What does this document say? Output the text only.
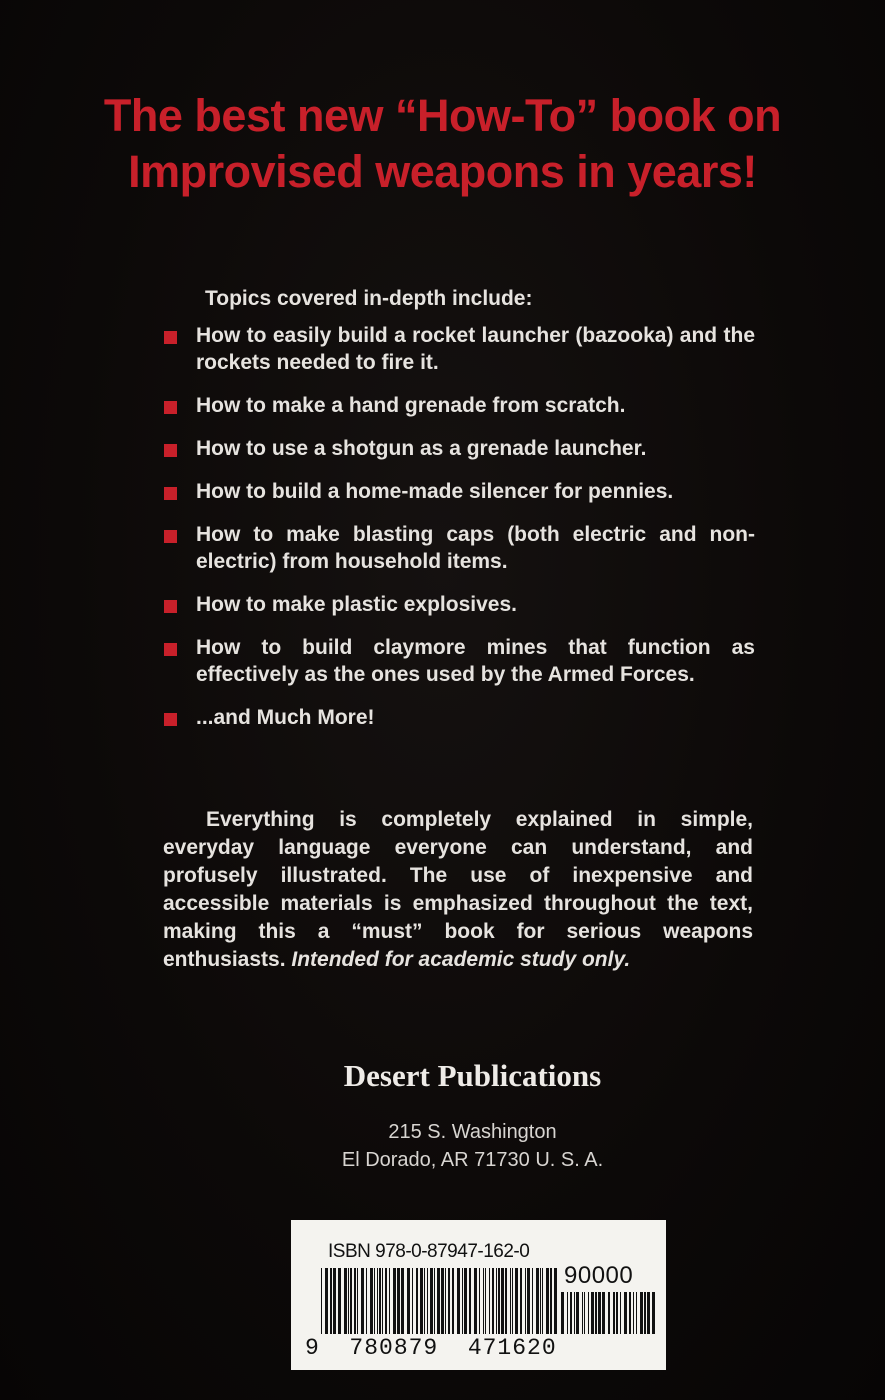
The best new “How-To” book on
Improvised weapons in years!

Topics covered in-depth include:

How to easily build a rocket launcher (bazooka) and the rockets needed to fire it.
How to make a hand grenade from scratch.
How to use a shotgun as a grenade launcher.
How to build a home-made silencer for pennies.
How to make blasting caps (both electric and non-electric) from household items.
How to make plastic explosives.
How to build claymore mines that function as effectively as the ones used by the Armed Forces.
...and Much More!

Everything is completely explained in simple, everyday language everyone can understand, and profusely illustrated. The use of inexpensive and accessible materials is emphasized throughout the text, making this a “must” book for serious weapons enthusiasts. Intended for academic study only.

Desert Publications
215 S. Washington
El Dorado, AR 71730 U. S. A.
ISBN 978-0-87947-162-0
90000
9  780879  471620
